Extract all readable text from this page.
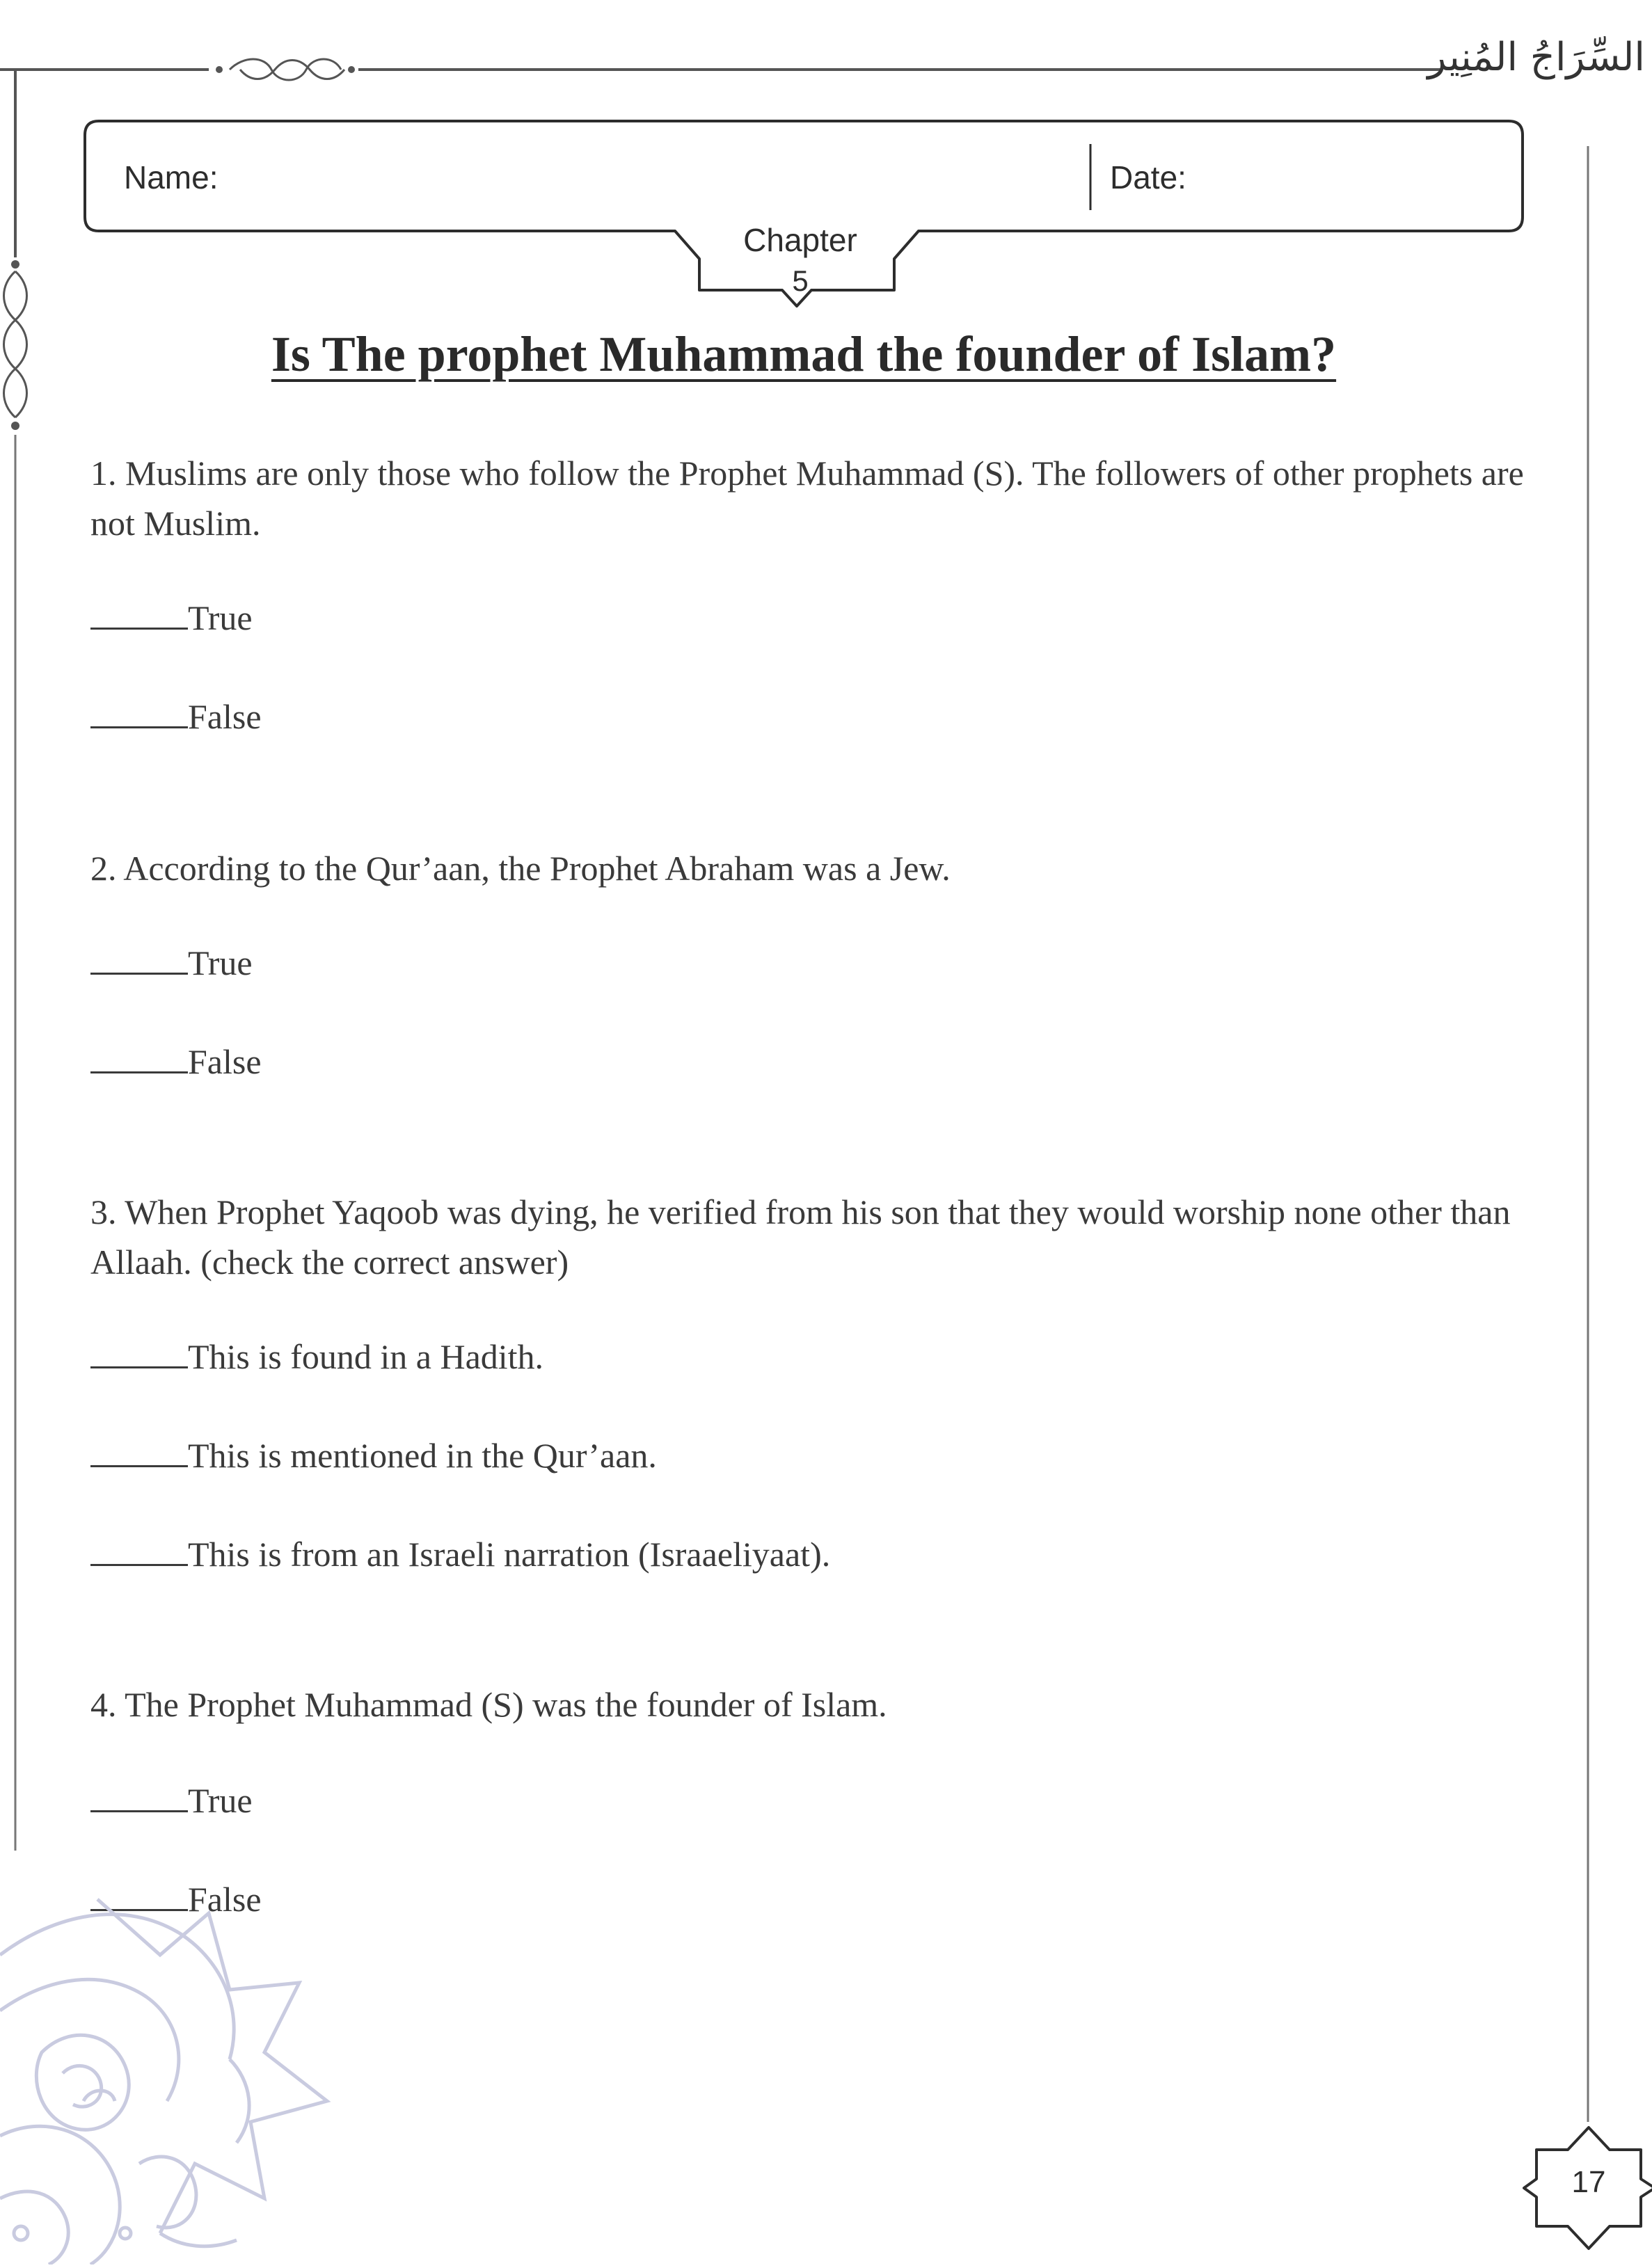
السِّرَاجُ المُنِير
Name:	Date:
Chapter
5
Is The prophet Muhammad the founder of Islam?
1. Muslims are only those who follow the Prophet Muhammad (S). The followers of other prophets are not Muslim.
True
False
2. According to the Qur’aan, the Prophet Abraham was a Jew.
True
False
3. When Prophet Yaqoob was dying, he verified from his son that they would worship none other than Allaah. (check the correct answer)
This is found in a Hadith.
This is mentioned in the Qur’aan.
This is from an Israeli narration (Israaeliyaat).
4. The Prophet Muhammad (S) was the founder of Islam.
True
False
17
